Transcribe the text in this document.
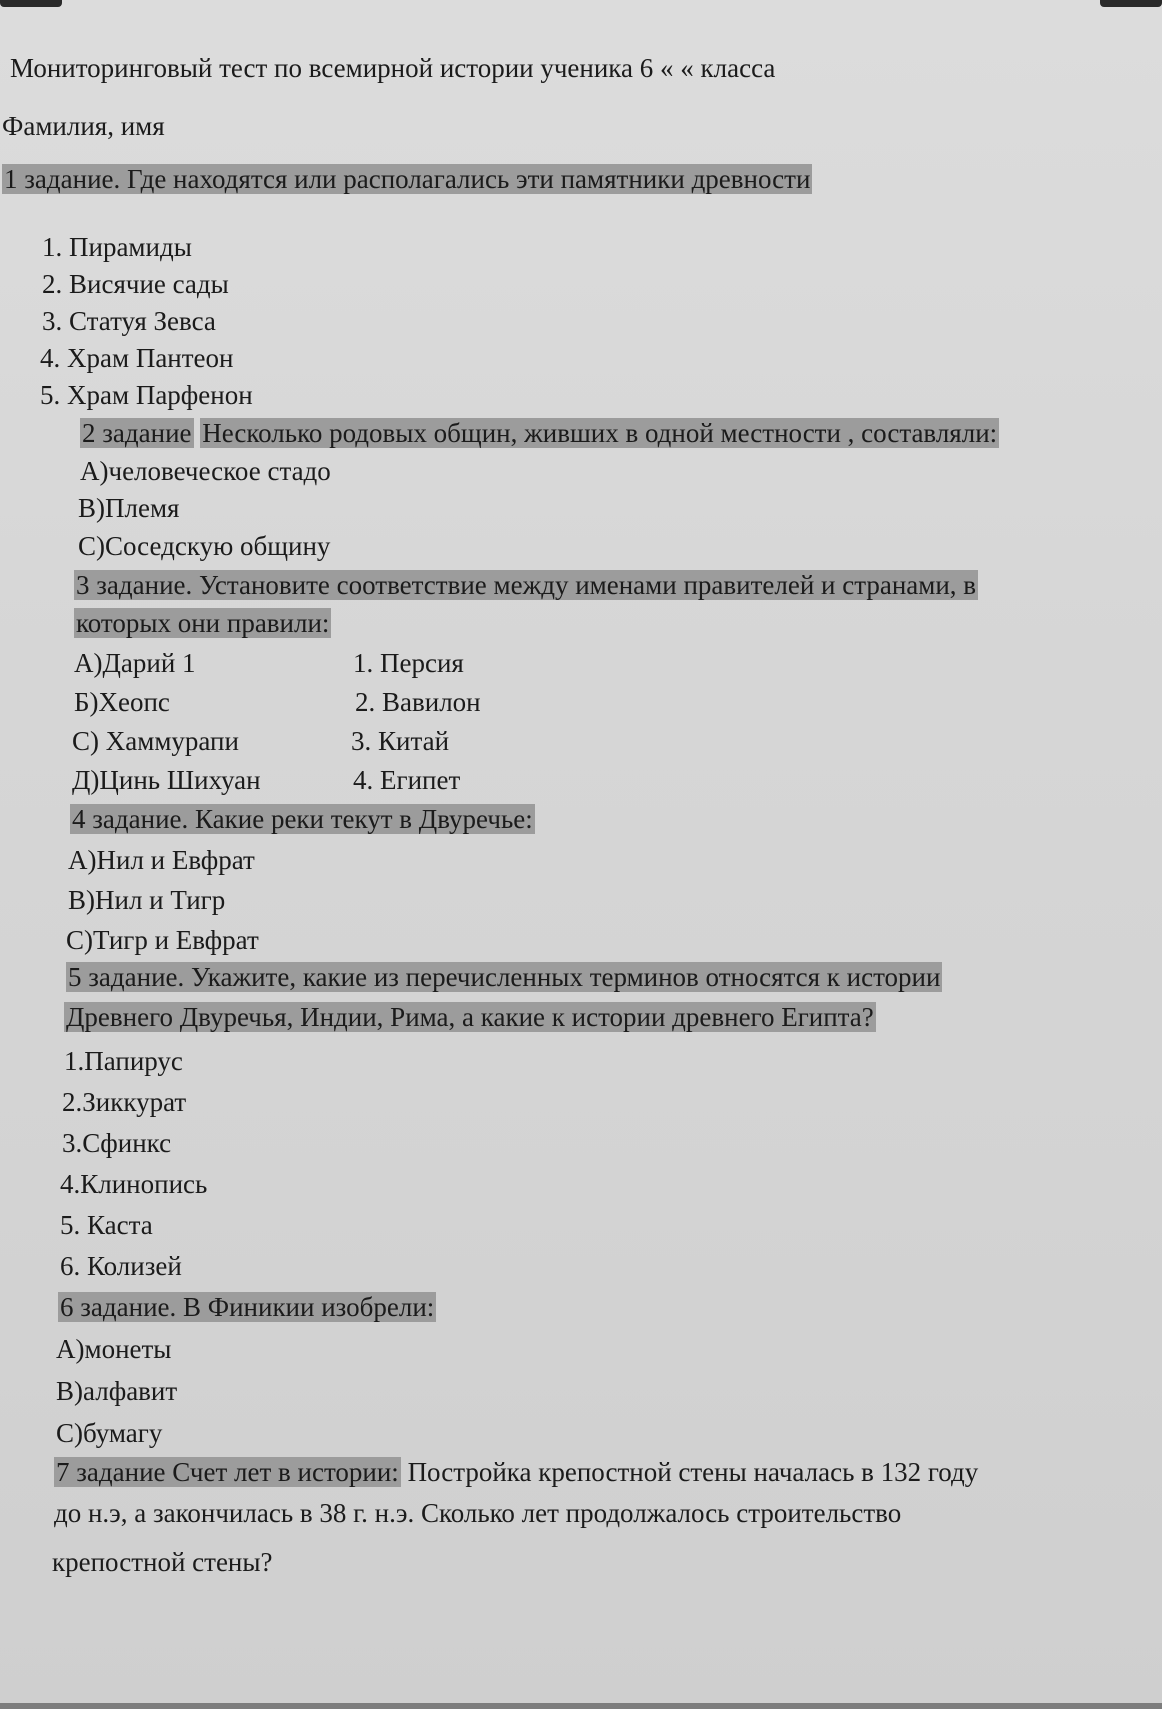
Мониторинговый тест по всемирной истории ученика 6 « « класса
Фамилия, имя
1 задание. Где находятся или располагались эти памятники древности
1. Пирамиды
2. Висячие сады
3. Статуя Зевса
4. Храм Пантеон
5. Храм Парфенон
2 задание Несколько родовых общин, живших в одной местности , составляли:
А)человеческое стадо
В)Племя
С)Соседскую общину
3 задание. Установите соответствие между именами правителей и странами, в
которых они правили:
А)Дарий 1
Б)Хеопс
С) Хаммурапи
Д)Цинь Шихуан
1. Персия
2. Вавилон
3. Китай
4. Египет
4 задание. Какие реки текут в Двуречье:
А)Нил и Евфрат
В)Нил и Тигр
С)Тигр и Евфрат
5 задание. Укажите, какие из перечисленных терминов относятся к истории
Древнего Двуречья, Индии, Рима, а какие к истории древнего Египта?
1.Папирус
2.Зиккурат
3.Сфинкс
4.Клинопись
5. Каста
6. Колизей
6 задание. В Финикии изобрели:
А)монеты
В)алфавит
С)бумагу
7 задание Счет лет в истории: Постройка крепостной стены началась в 132 году
до н.э, а закончилась в 38 г. н.э. Сколько лет продолжалось строительство
крепостной стены?
